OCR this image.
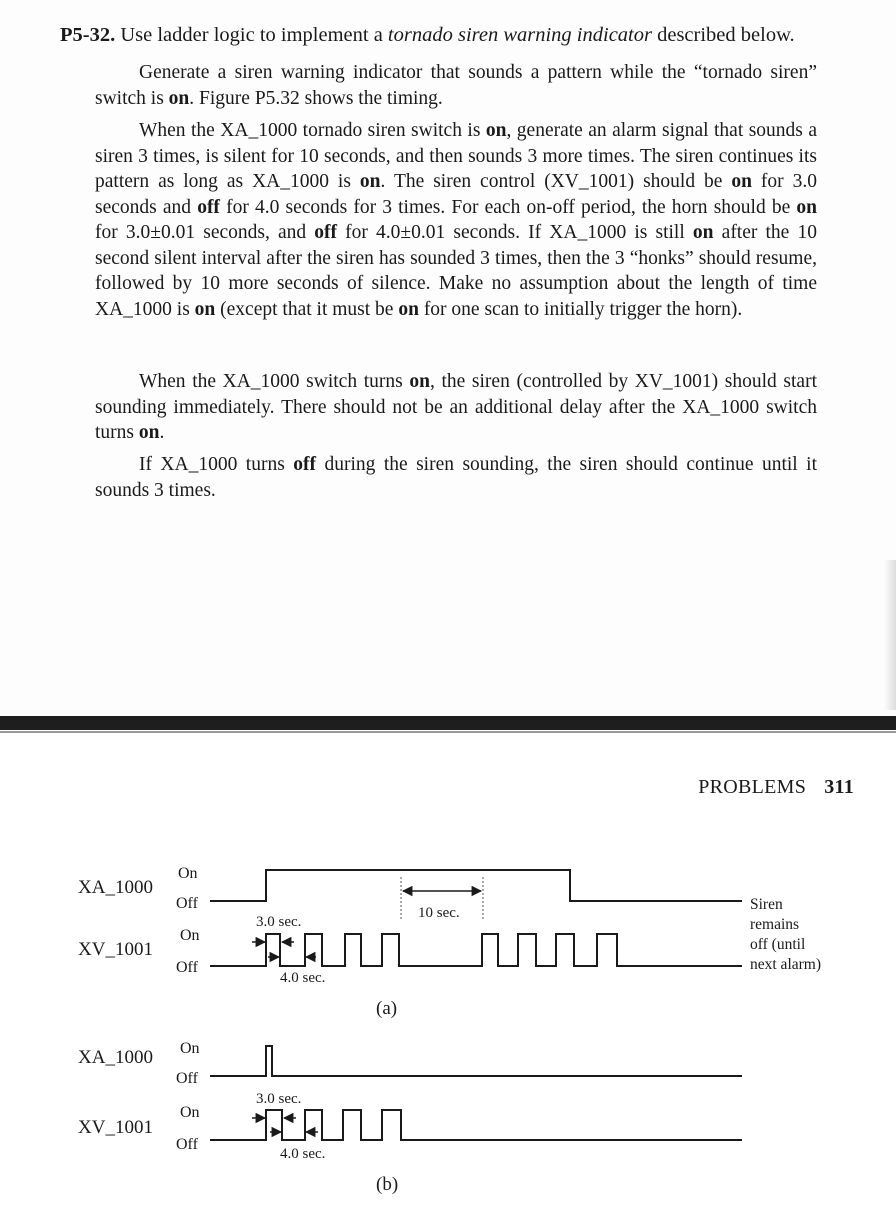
P5-32. Use ladder logic to implement a tornado siren warning indicator described below.
Generate a siren warning indicator that sounds a pattern while the “tornado siren” switch is on. Figure P5.32 shows the timing.
When the XA_1000 tornado siren switch is on, generate an alarm signal that sounds a siren 3 times, is silent for 10 seconds, and then sounds 3 more times. The siren continues its pattern as long as XA_1000 is on. The siren control (XV_1001) should be on for 3.0 seconds and off for 4.0 seconds for 3 times. For each on-off period, the horn should be on for 3.0±0.01 seconds, and off for 4.0±0.01 seconds. If XA_1000 is still on after the 10 second silent interval after the siren has sounded 3 times, then the 3 “honks” should resume, followed by 10 more seconds of silence. Make no assumption about the length of time XA_1000 is on (except that it must be on for one scan to initially trigger the horn).
When the XA_1000 switch turns on, the siren (controlled by XV_1001) should start sounding immediately. There should not be an additional delay after the XA_1000 switch turns on.
If XA_1000 turns off during the siren sounding, the siren should continue until it sounds 3 times.
PROBLEMS 311
XA_1000
XV_1001
On
Off
On
Off
10 sec.
3.0 sec.
4.0 sec.
Siren remains off (until next alarm)
(a)
XA_1000
XV_1001
On
Off
On
Off
3.0 sec.
4.0 sec.
(b)
